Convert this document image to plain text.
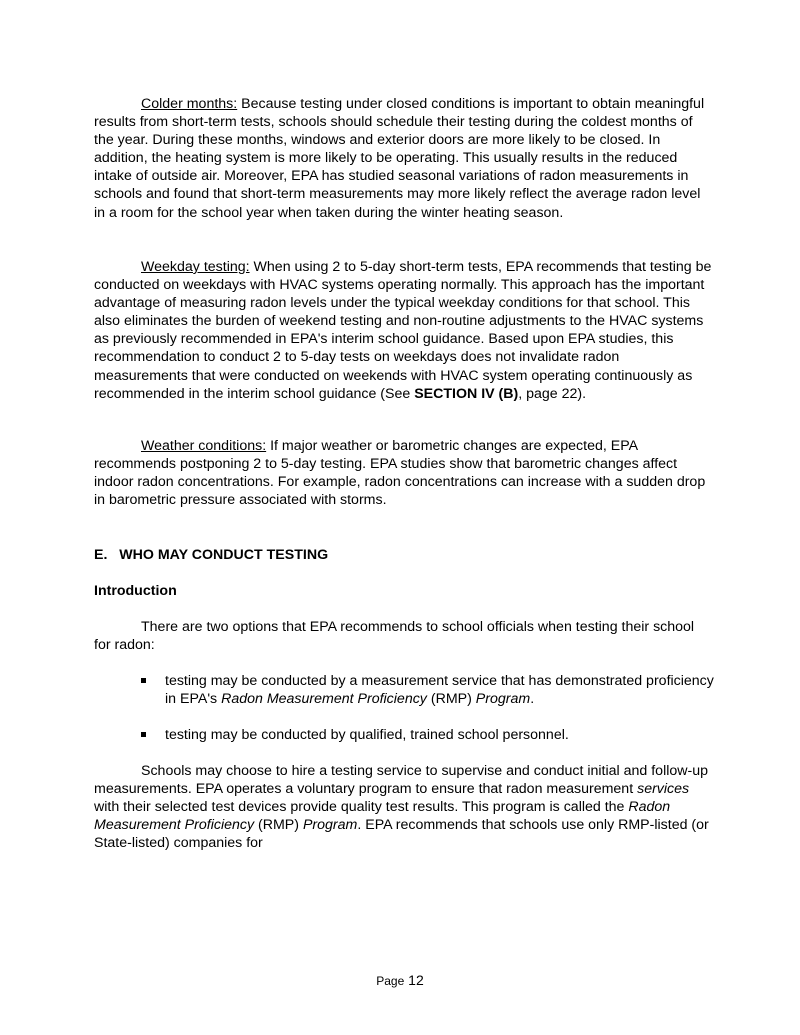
Colder months: Because testing under closed conditions is important to obtain meaningful results from short-term tests, schools should schedule their testing during the coldest months of the year. During these months, windows and exterior doors are more likely to be closed. In addition, the heating system is more likely to be operating. This usually results in the reduced intake of outside air. Moreover, EPA has studied seasonal variations of radon measurements in schools and found that short-term measurements may more likely reflect the average radon level in a room for the school year when taken during the winter heating season.

Weekday testing: When using 2 to 5-day short-term tests, EPA recommends that testing be conducted on weekdays with HVAC systems operating normally. This approach has the important advantage of measuring radon levels under the typical weekday conditions for that school. This also eliminates the burden of weekend testing and non-routine adjustments to the HVAC systems as previously recommended in EPA's interim school guidance. Based upon EPA studies, this recommendation to conduct 2 to 5-day tests on weekdays does not invalidate radon measurements that were conducted on weekends with HVAC system operating continuously as recommended in the interim school guidance (See SECTION IV (B), page 22).

Weather conditions: If major weather or barometric changes are expected, EPA recommends postponing 2 to 5-day testing. EPA studies show that barometric changes affect indoor radon concentrations. For example, radon concentrations can increase with a sudden drop in barometric pressure associated with storms.

E.   WHO MAY CONDUCT TESTING
Introduction

There are two options that EPA recommends to school officials when testing their school for radon:

testing may be conducted by a measurement service that has demonstrated proficiency in EPA's Radon Measurement Proficiency (RMP) Program.
testing may be conducted by qualified, trained school personnel.

Schools may choose to hire a testing service to supervise and conduct initial and follow-up measurements. EPA operates a voluntary program to ensure that radon measurement services with their selected test devices provide quality test results. This program is called the Radon Measurement Proficiency (RMP) Program. EPA recommends that schools use only RMP-listed (or State-listed) companies for

Page 12
